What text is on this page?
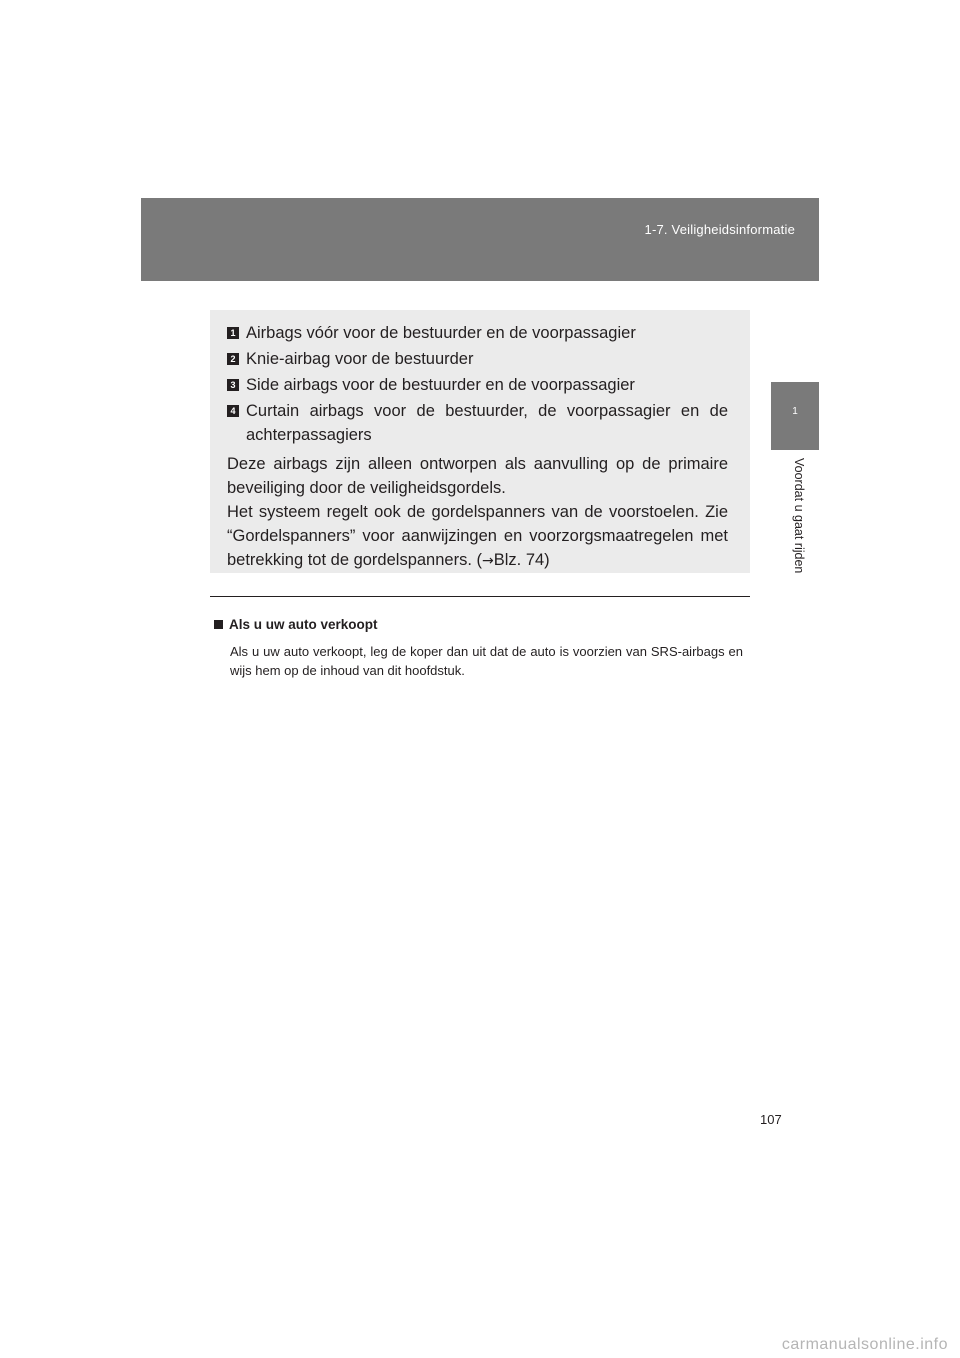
1-7. Veiligheidsinformatie
1
Voordat u gaat rijden
1 Airbags vóór voor de bestuurder en de voorpassagier
2 Knie-airbag voor de bestuurder
3 Side airbags voor de bestuurder en de voorpassagier
4 Curtain airbags voor de bestuurder, de voorpassagier en de achterpassagiers
Deze airbags zijn alleen ontworpen als aanvulling op de primaire beveiliging door de veiligheidsgordels.
Het systeem regelt ook de gordelspanners van de voorstoelen. Zie “Gordelspanners” voor aanwijzingen en voorzorgsmaatregelen met betrekking tot de gordelspanners. (→Blz. 74)
Als u uw auto verkoopt
Als u uw auto verkoopt, leg de koper dan uit dat de auto is voorzien van SRS-airbags en wijs hem op de inhoud van dit hoofdstuk.
107
carmanualsonline.info
